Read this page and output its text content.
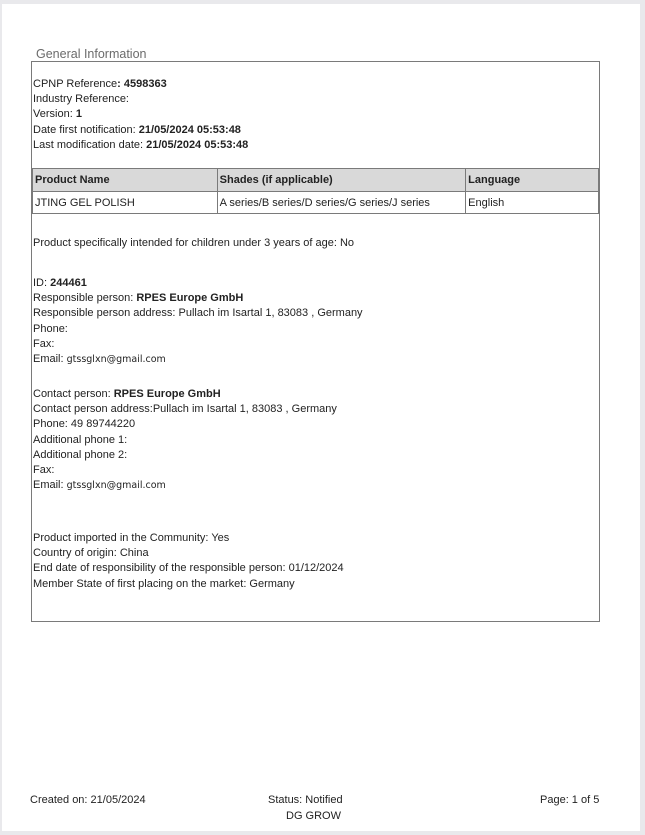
General Information
CPNP Reference: 4598363
Industry Reference:
Version: 1
Date first notification: 21/05/2024 05:53:48
Last modification date: 21/05/2024 05:53:48
Product Name	Shades (if applicable)	Language
JTING GEL POLISH	A series/B series/D series/G series/J series	English
Product specifically intended for children under 3 years of age: No
ID: 244461
Responsible person: RPES Europe GmbH
Responsible person address: Pullach im Isartal 1, 83083 , Germany
Phone:
Fax:
Email: gtssglxn@gmail.com
Contact person: RPES Europe GmbH
Contact person address:Pullach im Isartal 1, 83083 , Germany
Phone: 49 89744220
Additional phone 1:
Additional phone 2:
Fax:
Email: gtssglxn@gmail.com
Product imported in the Community: Yes
Country of origin: China
End date of responsibility of the responsible person: 01/12/2024
Member State of first placing on the market: Germany
Created on: 21/05/2024	Status: Notified
DG GROW
Page: 1 of 5
